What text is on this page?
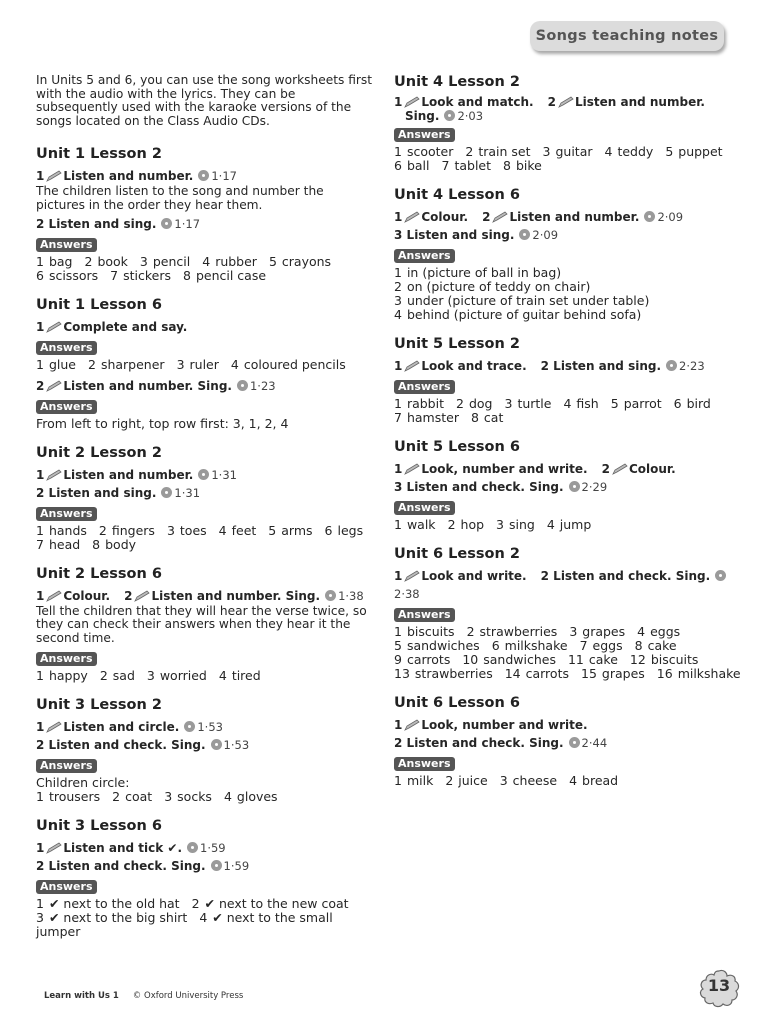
Songs teaching notes

In Units 5 and 6, you can use the song worksheets first with the audio with the lyrics. They can be subsequently used with the karaoke versions of the songs located on the Class Audio CDs.

Unit 1 Lesson 2
1 Listen and number. 1·17

The children listen to the song and number the pictures in the order they hear them.

2 Listen and sing. 1·17
Answers

1 bag 2 book 3 pencil 4 rubber 5 crayons

6 scissors 7 stickers 8 pencil case

Unit 1 Lesson 6
1 Complete and say.
Answers

1 glue 2 sharpener 3 ruler 4 coloured pencils

2 Listen and number. Sing. 1·23
Answers

From left to right, top row first: 3, 1, 2, 4

Unit 2 Lesson 2
1 Listen and number. 1·31
2 Listen and sing. 1·31
Answers

1 hands 2 fingers 3 toes 4 feet 5 arms 6 legs

7 head 8 body

Unit 2 Lesson 6
1 Colour. 2 Listen and number. Sing. 1·38

Tell the children that they will hear the verse twice, so they can check their answers when they hear it the second time.

Answers

1 happy 2 sad 3 worried 4 tired

Unit 3 Lesson 2
1 Listen and circle. 1·53
2 Listen and check. Sing. 1·53
Answers

Children circle: 1 trousers 2 coat 3 socks 4 gloves

Unit 3 Lesson 6
1 Listen and tick ✔. 1·59
2 Listen and check. Sing. 1·59
Answers

1 ✔ next to the old hat 2 ✔ next to the new coat

3 ✔ next to the big shirt 4 ✔ next to the small jumper

Unit 4 Lesson 2
1 Look and match. 2 Listen and number.
Sing. 2·03
Answers

1 scooter 2 train set 3 guitar 4 teddy 5 puppet

6 ball 7 tablet 8 bike

Unit 4 Lesson 6
1 Colour. 2 Listen and number. 2·09
3 Listen and sing. 2·09
Answers

1 in (picture of ball in bag)

2 on (picture of teddy on chair)

3 under (picture of train set under table)

4 behind (picture of guitar behind sofa)

Unit 5 Lesson 2
1 Look and trace. 2 Listen and sing. 2·23
Answers

1 rabbit 2 dog 3 turtle 4 fish 5 parrot 6 bird

7 hamster 8 cat

Unit 5 Lesson 6
1 Look, number and write. 2 Colour.
3 Listen and check. Sing. 2·29
Answers

1 walk 2 hop 3 sing 4 jump

Unit 6 Lesson 2
1 Look and write. 2 Listen and check. Sing.2·38
Answers

1 biscuits 2 strawberries 3 grapes 4 eggs

5 sandwiches 6 milkshake 7 eggs 8 cake

9 carrots 10 sandwiches 11 cake 12 biscuits

13 strawberries 14 carrots 15 grapes 16 milkshake

Unit 6 Lesson 6
1 Look, number and write.
2 Listen and check. Sing. 2·44
Answers

1 milk 2 juice 3 cheese 4 bread

Learn with Us 1 © Oxford University Press
13
